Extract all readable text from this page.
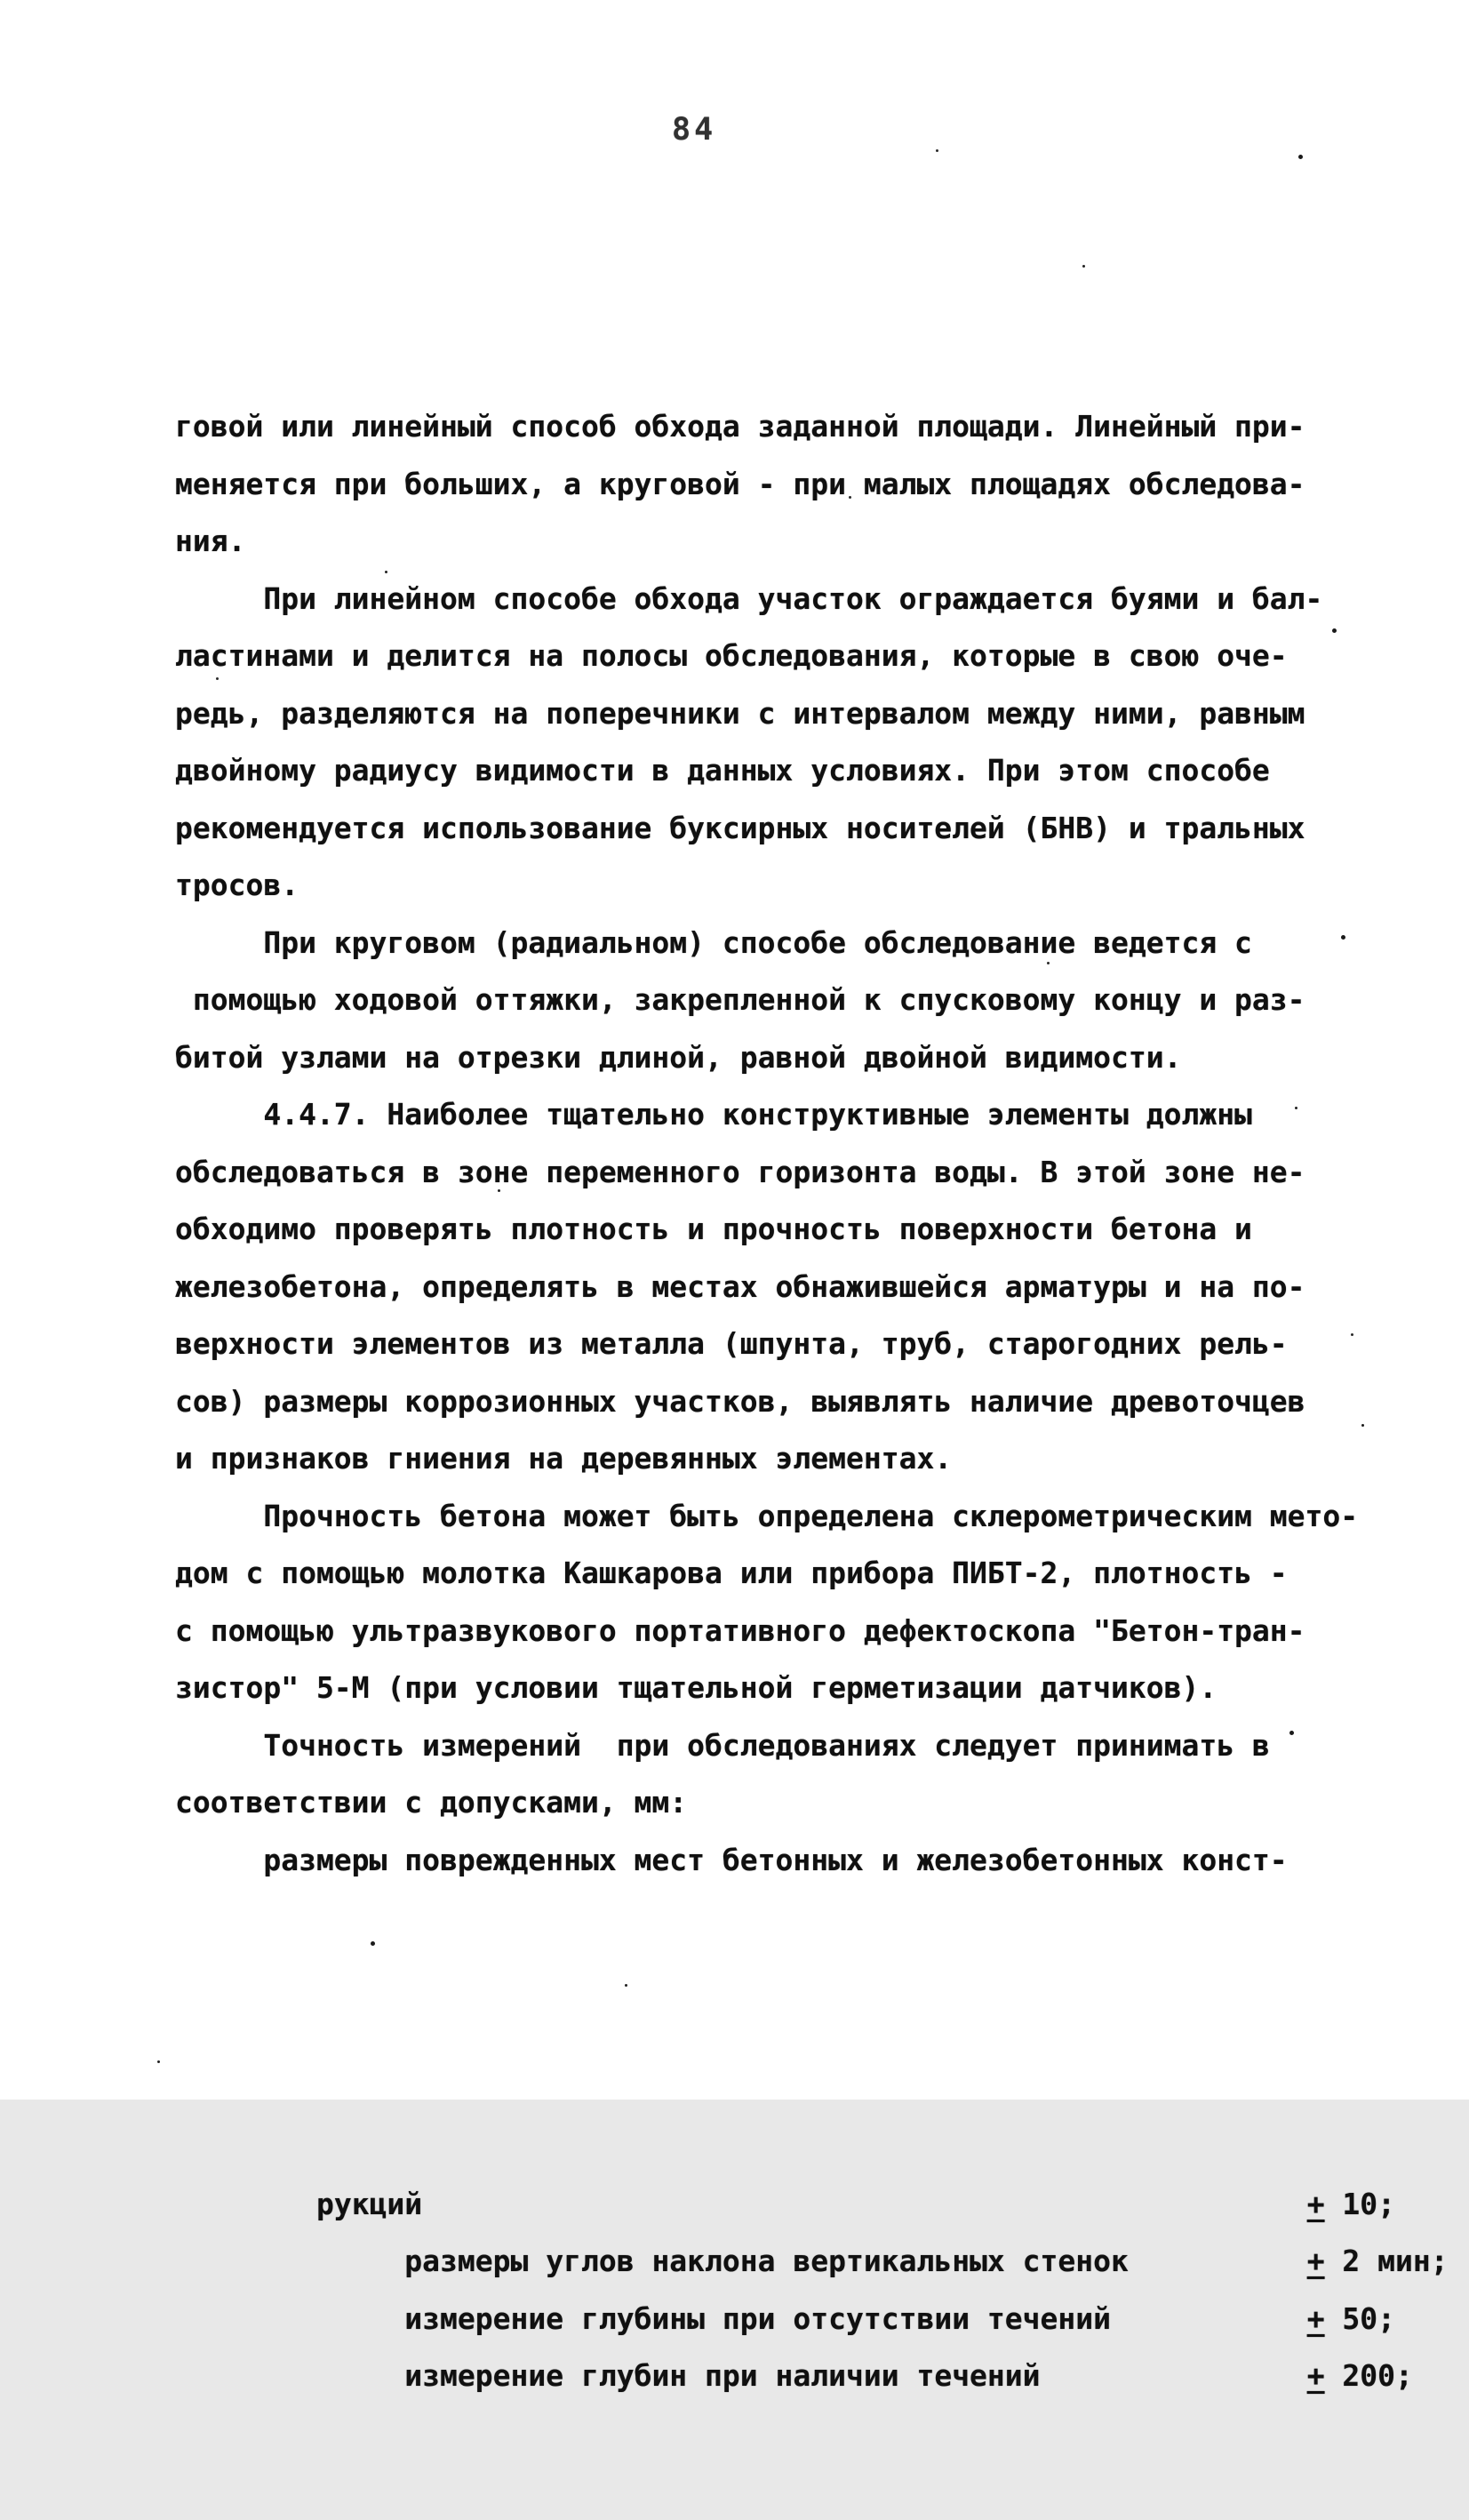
84

говой или линейный способ обхода заданной площади. Линейный при-
меняется при больших, а круговой - при малых площадях обследова-
ния.
При линейном способе обхода участок ограждается буями и бал-
ластинами и делится на полосы обследования, которые в свою оче-
редь, разделяются на поперечники с интервалом между ними, равным
двойному радиусу видимости в данных условиях. При этом способе
рекомендуется использование буксирных носителей (БНВ) и тральных
тросов.
При круговом (радиальном) способе обследование ведется с
помощью ходовой оттяжки, закрепленной к спусковому концу и раз-
битой узлами на отрезки длиной, равной двойной видимости.
4.4.7. Наиболее тщательно конструктивные элементы должны
обследоваться в зоне переменного горизонта воды. В этой зоне не-
обходимо проверять плотность и прочность поверхности бетона и
железобетона, определять в местах обнажившейся арматуры и на по-
верхности элементов из металла (шпунта, труб, старогодних рель-
сов) размеры коррозионных участков, выявлять наличие древоточцев
и признаков гниения на деревянных элементах.
Прочность бетона может быть определена склерометрическим мето-
дом с помощью молотка Кашкарова или прибора ПИБТ-2, плотность -
с помощью ультразвукового портативного дефектоскопа "Бетон-тран-
зистор" 5-М (при условии тщательной герметизации датчиков).
Точность измерений  при обследованиях следует принимать в
соответствии с допусками, мм:
размеры поврежденных мест бетонных и железобетонных конст-

рукций
	+ 10;

размеры углов наклона вертикальных стенок
	+ 2 мин;

измерение глубины при отсутствии течений
	+ 50;

измерение глубин при наличии течений
	+ 200;
